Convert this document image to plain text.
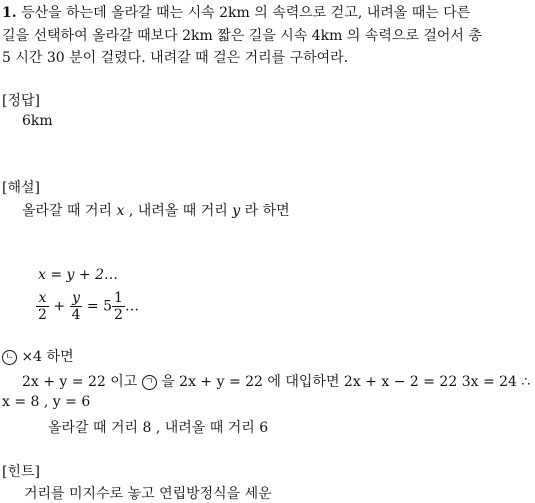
1. 등산을 하는데 올라갈 때는 시속 2km 의 속력으로 걷고, 내려올 때는 다른
길을 선택하여 올라갈 때보다 2km 짧은 길을 시속 4km 의 속력으로 걸어서 총
5 시간 30 분이 걸렸다. 내려갈 때 걸은 거리를 구하여라.
[정답]
6km
[해설]
올라갈 때 거리 x , 내려올 때 거리 y 라 하면
x = y + 2…
$\frac{x}{2} + \frac{y}{4} = 5 \frac{1}{2}$ …
ㄴ ×4 하면
2x + y = 22 이고 ㄱ 을 2x + y = 22 에 대입하면 2x + x − 2 = 22 3x = 24 ∴
x = 8 , y = 6
올라갈 때 거리 8 , 내려올 때 거리 6
[힌트]
거리를 미지수로 놓고 연립방정식을 세운
